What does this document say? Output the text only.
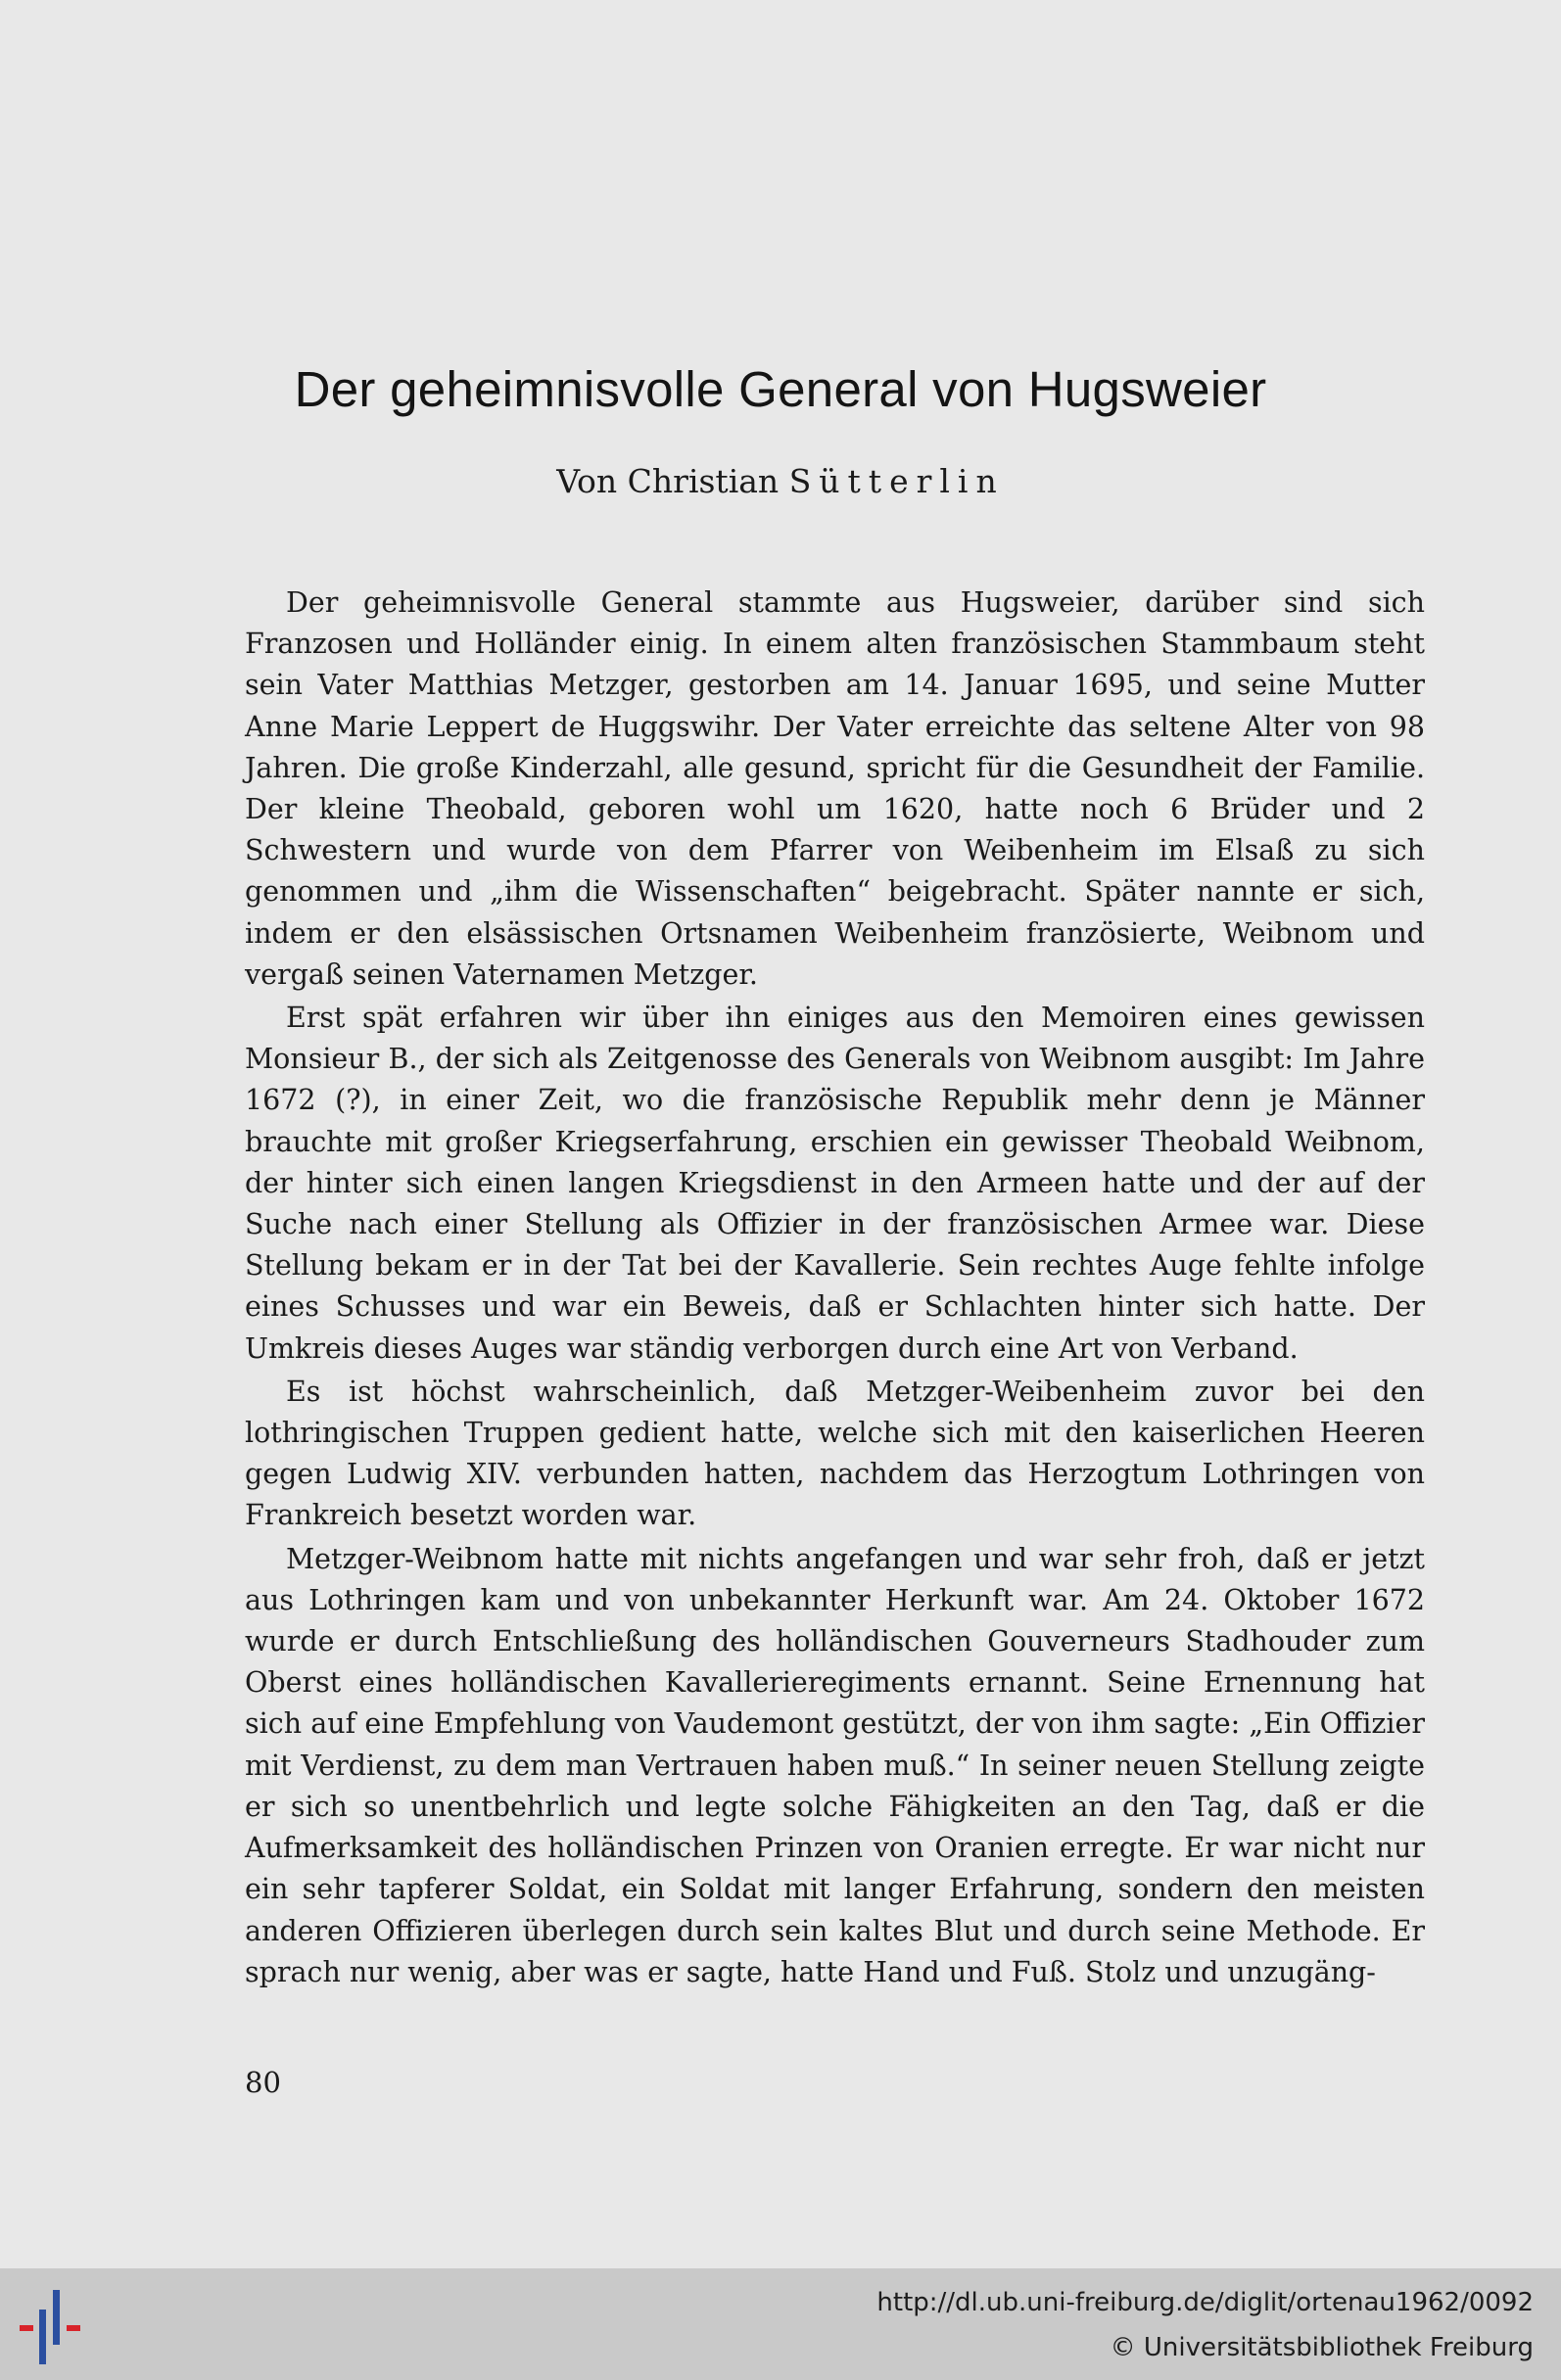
Der geheimnisvolle General von Hugsweier
Von Christian Sütterlin

Der geheimnisvolle General stammte aus Hugsweier, darüber sind sich Franzosen und Holländer einig. In einem alten französischen Stammbaum steht sein Vater Matthias Metzger, gestorben am 14. Januar 1695, und seine Mutter Anne Marie Leppert de Huggswihr. Der Vater erreichte das seltene Alter von 98 Jahren. Die große Kinderzahl, alle gesund, spricht für die Gesundheit der Familie. Der kleine Theobald, geboren wohl um 1620, hatte noch 6 Brüder und 2 Schwestern und wurde von dem Pfarrer von Weibenheim im Elsaß zu sich genommen und „ihm die Wissenschaften“ beigebracht. Später nannte er sich, indem er den elsässischen Ortsnamen Weibenheim französierte, Weibnom und vergaß seinen Vaternamen Metzger.

Erst spät erfahren wir über ihn einiges aus den Memoiren eines gewissen Monsieur B., der sich als Zeitgenosse des Generals von Weibnom ausgibt: Im Jahre 1672 (?), in einer Zeit, wo die französische Republik mehr denn je Männer brauchte mit großer Kriegserfahrung, erschien ein gewisser Theobald Weibnom, der hinter sich einen langen Kriegsdienst in den Armeen hatte und der auf der Suche nach einer Stellung als Offizier in der französischen Armee war. Diese Stellung bekam er in der Tat bei der Kavallerie. Sein rechtes Auge fehlte infolge eines Schusses und war ein Beweis, daß er Schlachten hinter sich hatte. Der Umkreis dieses Auges war ständig verborgen durch eine Art von Verband.

Es ist höchst wahrscheinlich, daß Metzger-Weibenheim zuvor bei den lothringischen Truppen gedient hatte, welche sich mit den kaiserlichen Heeren gegen Ludwig XIV. verbunden hatten, nachdem das Herzogtum Lothringen von Frankreich besetzt worden war.

Metzger-Weibnom hatte mit nichts angefangen und war sehr froh, daß er jetzt aus Lothringen kam und von unbekannter Herkunft war. Am 24. Oktober 1672 wurde er durch Entschließung des holländischen Gouverneurs Stadhouder zum Oberst eines holländischen Kavallerieregiments ernannt. Seine Ernennung hat sich auf eine Empfehlung von Vaudemont gestützt, der von ihm sagte: „Ein Offizier mit Verdienst, zu dem man Vertrauen haben muß.“ In seiner neuen Stellung zeigte er sich so unentbehrlich und legte solche Fähigkeiten an den Tag, daß er die Aufmerksamkeit des holländischen Prinzen von Oranien erregte. Er war nicht nur ein sehr tapferer Soldat, ein Soldat mit langer Erfahrung, sondern den meisten anderen Offizieren überlegen durch sein kaltes Blut und durch seine Methode. Er sprach nur wenig, aber was er sagte, hatte Hand und Fuß. Stolz und unzugäng-

80
http://dl.ub.uni-freiburg.de/diglit/ortenau1962/0092
© Universitätsbibliothek Freiburg
